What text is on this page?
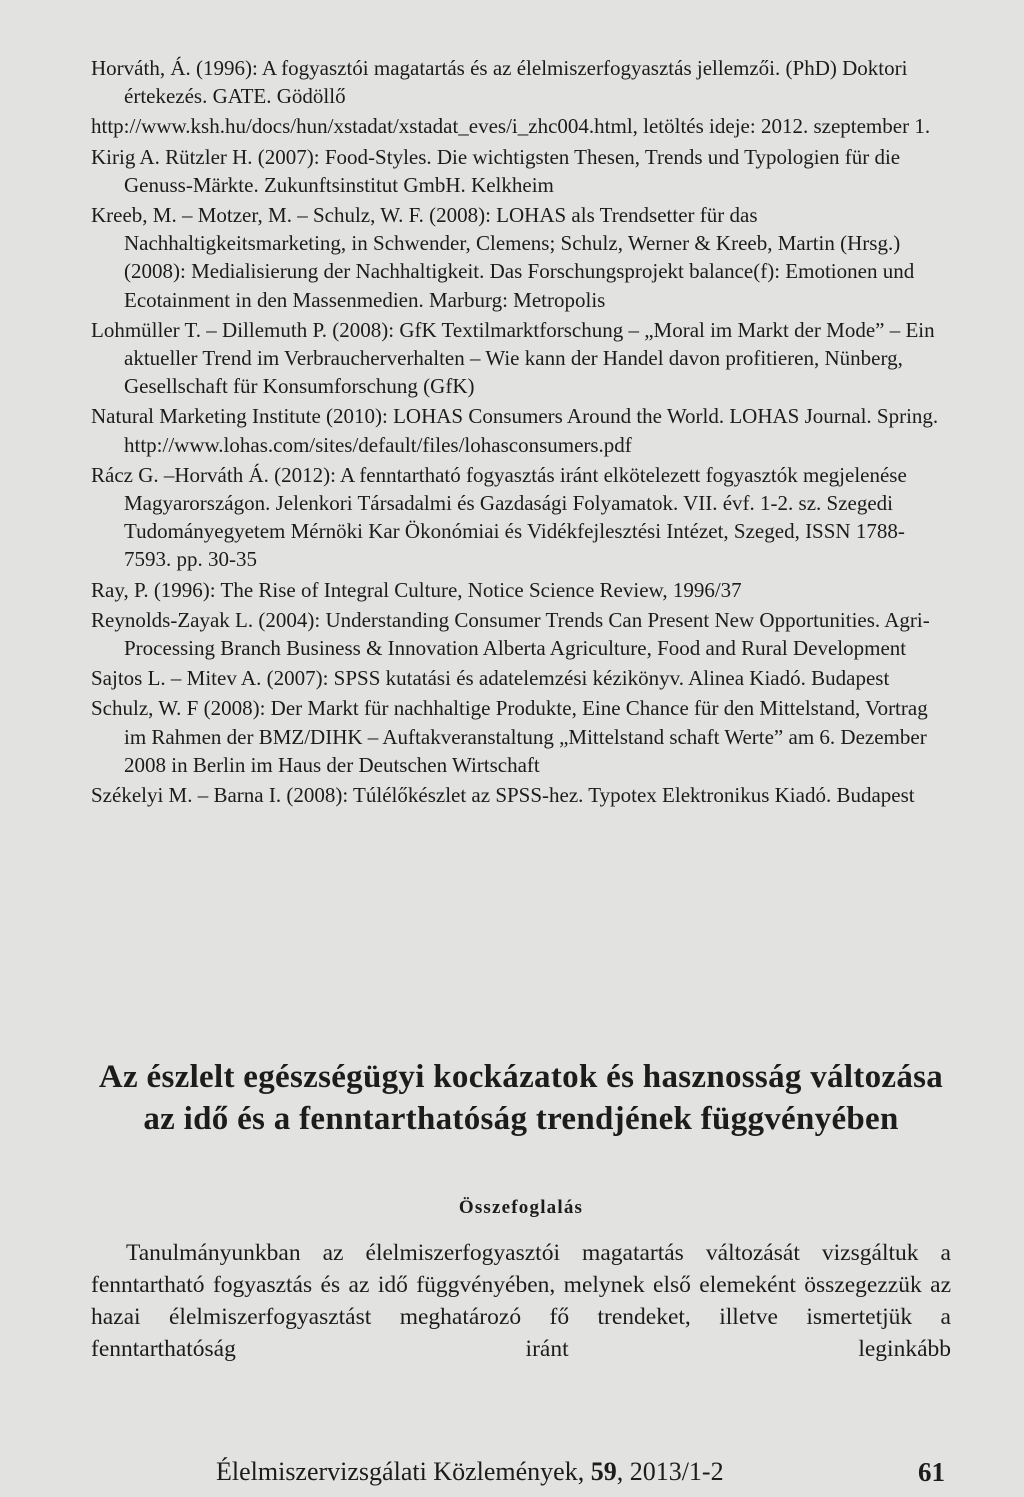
Horváth, Á. (1996): A fogyasztói magatartás és az élelmiszerfogyasztás jellemzői. (PhD) Doktori értekezés. GATE. Gödöllő

http://www.ksh.hu/docs/hun/xstadat/xstadat_eves/i_zhc004.html, letöltés ideje: 2012. szeptember 1.

Kirig A. Rützler H. (2007): Food-Styles. Die wichtigsten Thesen, Trends und Typologien für die Genuss-Märkte. Zukunftsinstitut GmbH. Kelkheim

Kreeb, M. – Motzer, M. – Schulz, W. F. (2008): LOHAS als Trendsetter für das Nachhaltigkeitsmarketing, in Schwender, Clemens; Schulz, Werner & Kreeb, Martin (Hrsg.) (2008): Medialisierung der Nachhaltigkeit. Das Forschungsprojekt balance(f): Emotionen und Ecotainment in den Massenmedien. Marburg: Metropolis

Lohmüller T. – Dillemuth P. (2008): GfK Textilmarktforschung – „Moral im Markt der Mode” – Ein aktueller Trend im Verbraucherverhalten – Wie kann der Handel davon profitieren, Nünberg, Gesellschaft für Konsumforschung (GfK)

Natural Marketing Institute (2010): LOHAS Consumers Around the World. LOHAS Journal. Spring. http://www.lohas.com/sites/default/files/lohasconsumers.pdf

Rácz G. –Horváth Á. (2012): A fenntartható fogyasztás iránt elkötelezett fogyasztók megjelenése Magyarországon. Jelenkori Társadalmi és Gazdasági Folyamatok. VII. évf. 1-2. sz. Szegedi Tudományegyetem Mérnöki Kar Ökonómiai és Vidékfejlesztési Intézet, Szeged, ISSN 1788-7593. pp. 30-35

Ray, P. (1996): The Rise of Integral Culture, Notice Science Review, 1996/37

Reynolds-Zayak L. (2004): Understanding Consumer Trends Can Present New Opportunities. Agri-Processing Branch Business & Innovation Alberta Agriculture, Food and Rural Development

Sajtos L. – Mitev A. (2007): SPSS kutatási és adatelemzési kézikönyv. Alinea Kiadó. Budapest

Schulz, W. F (2008): Der Markt für nachhaltige Produkte, Eine Chance für den Mittelstand, Vortrag im Rahmen der BMZ/DIHK – Auftakveranstaltung „Mittelstand schaft Werte” am 6. Dezember 2008 in Berlin im Haus der Deutschen Wirtschaft

Székelyi M. – Barna I. (2008): Túlélőkészlet az SPSS-hez. Typotex Elektronikus Kiadó. Budapest

Az észlelt egészségügyi kockázatok és hasznosság változása az idő és a fenntarthatóság trendjének függvényében
Összefoglalás

Tanulmányunkban az élelmiszerfogyasztói magatartás változását vizsgáltuk a fenntartható fogyasztás és az idő függvényében, melynek első elemeként összegezzük az hazai élelmiszerfogyasztást meghatározó fő trendeket, illetve ismertetjük a fenntarthatóság iránt leginkább

Élelmiszervizsgálati Közlemények, 59, 2013/1-2	61
